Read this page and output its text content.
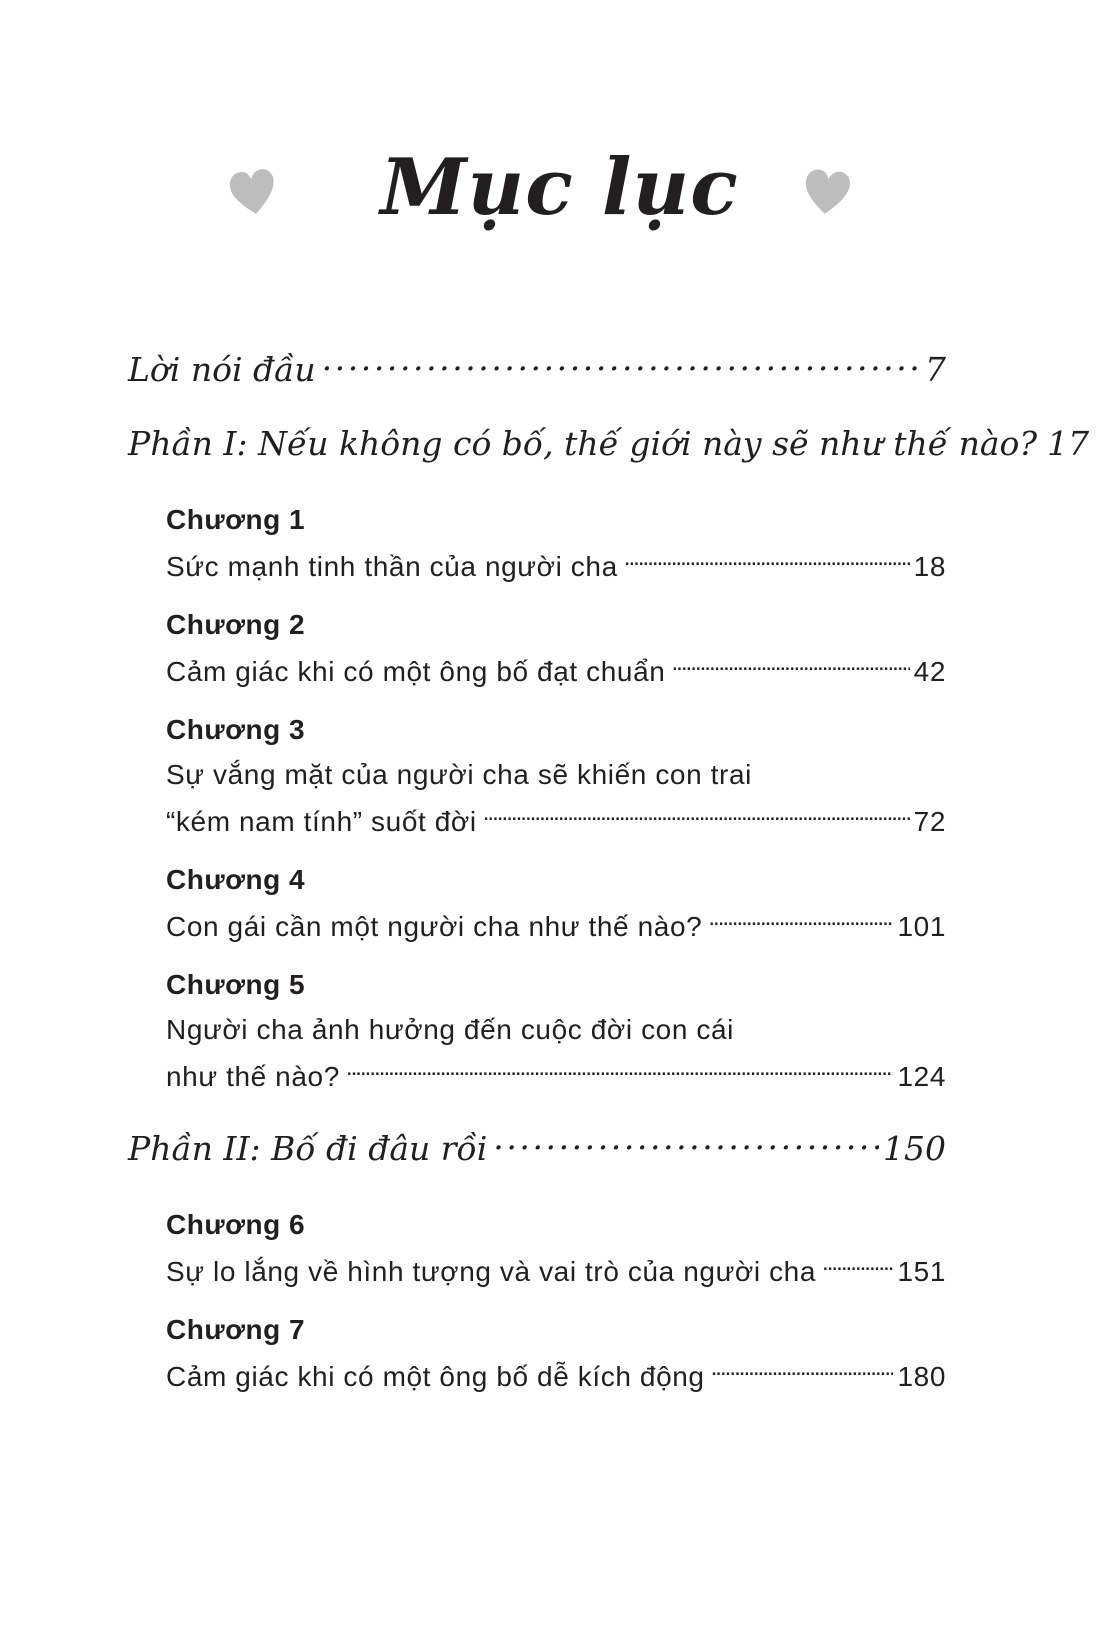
Mục lục
Lời nói đầu . . .	7
Phần I: Nếu không có bố, thế giới này sẽ như thế nào? 17
Chương 1
Sức mạnh tinh thần của người cha . . .	18
Chương 2
Cảm giác khi có một ông bố đạt chuẩn . . .	42
Chương 3
Sự vắng mặt của người cha sẽ khiến con trai
“kém nam tính” suốt đời . . .	72
Chương 4
Con gái cần một người cha như thế nào? . . .	101
Chương 5
Người cha ảnh hưởng đến cuộc đời con cái
như thế nào? . . .	124
Phần II: Bố đi đâu rồi . . .	150
Chương 6
Sự lo lắng về hình tượng và vai trò của người cha . . .	151
Chương 7
Cảm giác khi có một ông bố dễ kích động . . .	180
